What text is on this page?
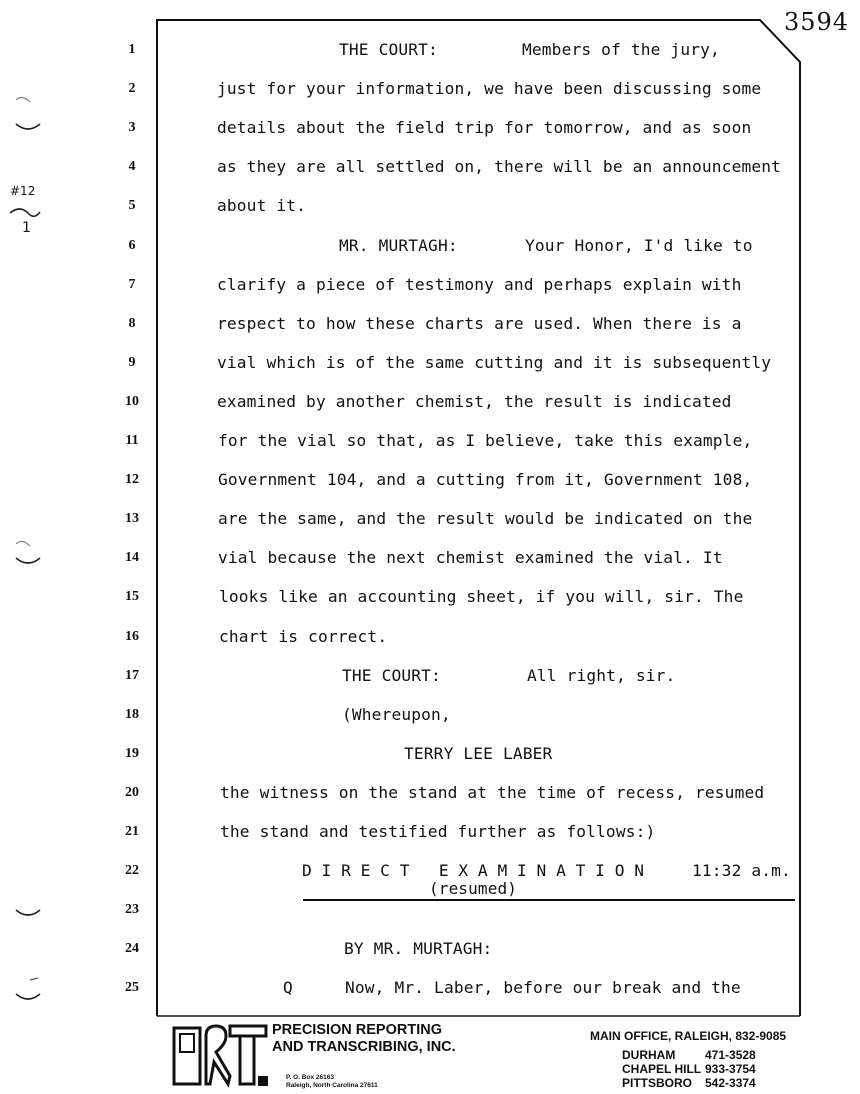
3594
#12
1
1	THE COURT:	Members of the jury,
2	just for your information, we have been discussing some
3	details about the field trip for tomorrow, and as soon
4	as they are all settled on, there will be an announcement
5	about it.
6	MR. MURTAGH:	Your Honor, I'd like to
7	clarify a piece of testimony and perhaps explain with
8	respect to how these charts are used. When there is a
9	vial which is of the same cutting and it is subsequently
10	examined by another chemist, the result is indicated
11	for the vial so that, as I believe, take this example,
12	Government 104, and a cutting from it, Government 108,
13	are the same, and the result would be indicated on the
14	vial because the next chemist examined the vial. It
15	looks like an accounting sheet, if you will, sir. The
16	chart is correct.
17	THE COURT:	All right, sir.
18	(Whereupon,
19	TERRY LEE LABER
20	the witness on the stand at the time of recess, resumed
21	the stand and testified further as follows:)
22	DIRECT EXAMINATION 11:32 a.m.
23
24	BY MR. MURTAGH:
25	Q	Now, Mr. Laber, before our break and the
(resumed)
PRECISION REPORTING
AND TRANSCRIBING, INC.
P. O. Box 26163
Raleigh, North Carolina 27611
MAIN OFFICE, RALEIGH, 832-9085
DURHAM 471-3528
CHAPEL HILL 933-3754
PITTSBORO 542-3374
